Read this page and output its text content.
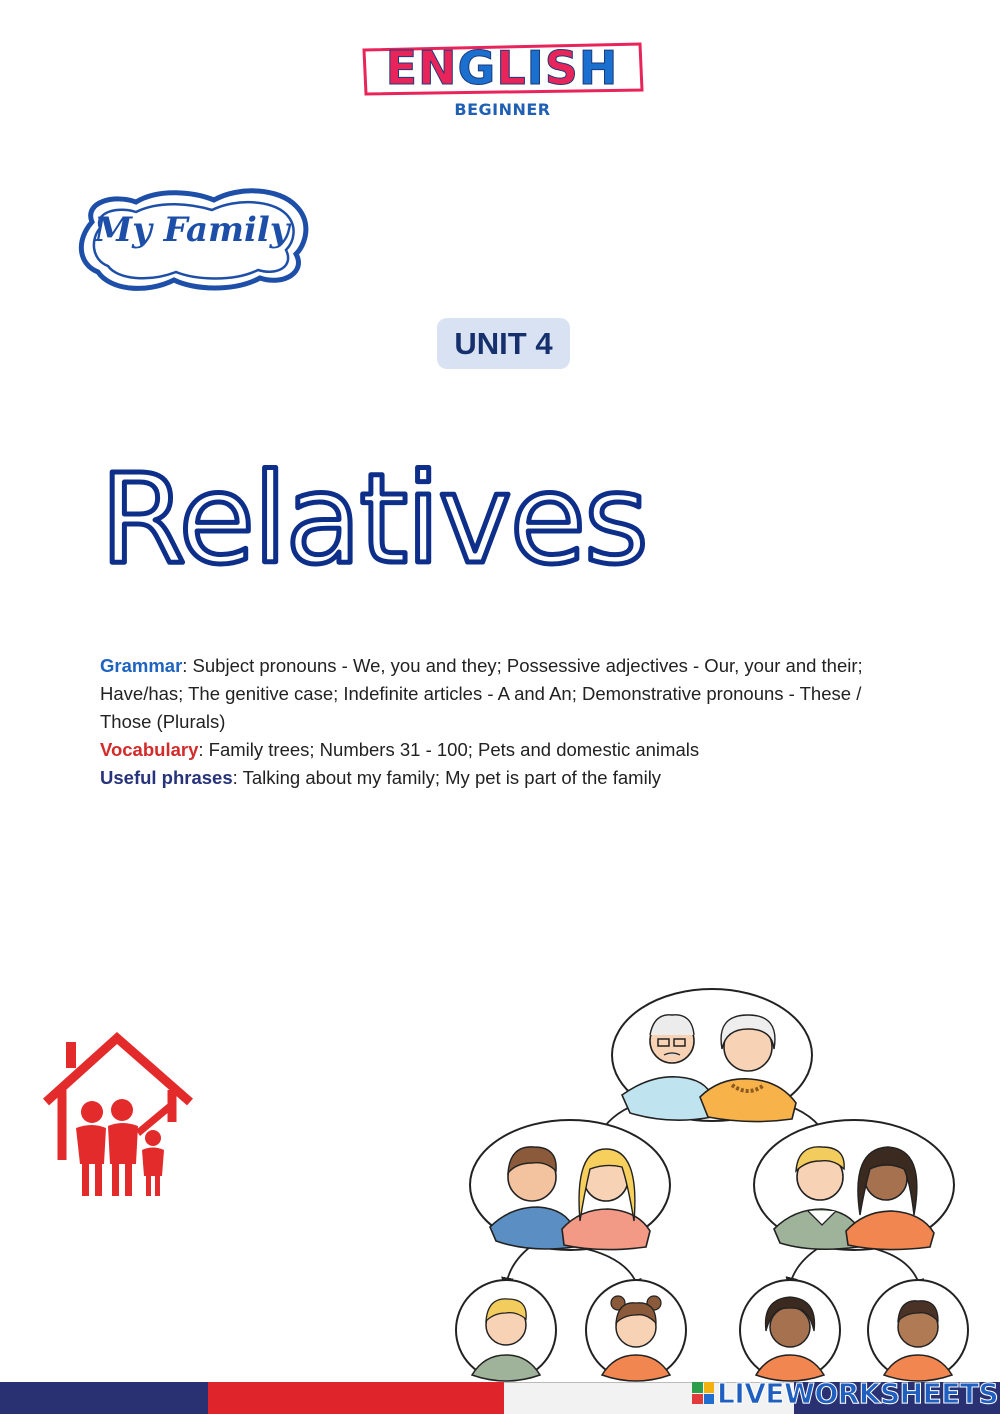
ENGLISH
BEGINNER
My Family
UNIT 4
Relatives

Grammar: Subject pronouns - We, you and they; Possessive adjectives - Our, your and their; Have/has; The genitive case; Indefinite articles - A and An; Demonstrative pronouns - These / Those (Plurals)

Vocabulary: Family trees; Numbers 31 - 100; Pets and domestic animals

Useful phrases: Talking about my family; My pet is part of the family

LIVEWORKSHEETS
